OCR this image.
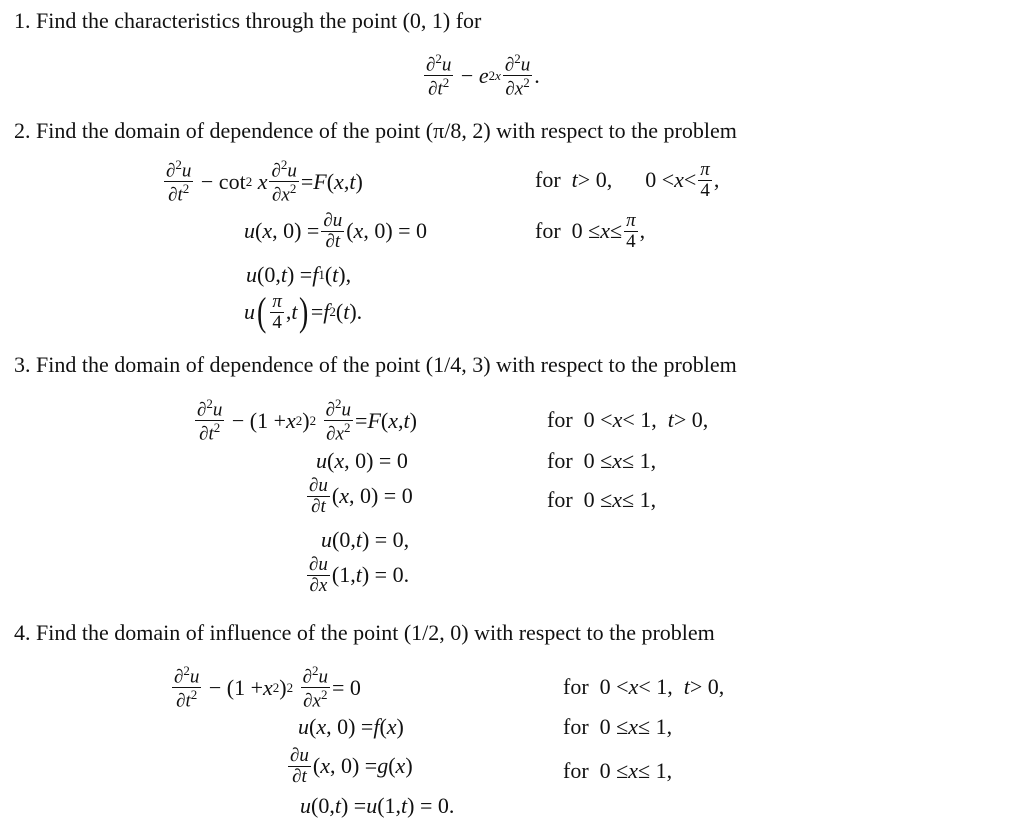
1. Find the characteristics through the point (0, 1) for
$\frac{\partial^2u}{\partial t^2} - e$ $2x \frac{\partial^2u}{\partial x^2}$ .
2. Find the domain of dependence of the point (π/8, 2) with respect to the problem
$\frac{\partial^2u}{\partial t^2} - \cot 2$
x $\frac{\partial^2u}{\partial x^2} = F$ ( x , t )	for t > 0,      $0 < x < \frac{\pi}{4}$ ,
u ( x , $0) = \frac{\partial u}{\partial t}$ ( x , 0) = 0	for  $0 \le x \le \frac{\pi}{4}$ ,
u (0, t ) = f 1 ( t ),
u ( $\frac{\pi}{4}$ , t ) = f 2 ( t ).
3. Find the domain of dependence of the point (1/4, 3) with respect to the problem
$\frac{\partial^2u}{\partial t^2} - (1 + x$ 2 ) 2
$\frac{\partial^2u}{\partial x^2} = F$ ( x , t )	for  0 < x < 1, t > 0,
u ( x , 0) = 0	for  0 ≤ x ≤ 1,
$\frac{\partial u}{\partial t}$ ( x , 0) = 0	for  0 ≤ x ≤ 1,
u (0, t ) = 0,
$\frac{\partial u}{\partial x} (1$, t ) = 0.
4. Find the domain of influence of the point (1/2, 0) with respect to the problem
$\frac{\partial^2u}{\partial t^2} - (1 + x$ 2 ) 2
$\frac{\partial^2u}{\partial x^2} = 0$	for  0 < x < 1, t > 0,
u ( x , 0) = f ( x )	for  0 ≤ x ≤ 1,
$\frac{\partial u}{\partial t}$ ( x , 0) = g ( x )	for  0 ≤ x ≤ 1,
u (0, t ) = u (1, t ) = 0.
